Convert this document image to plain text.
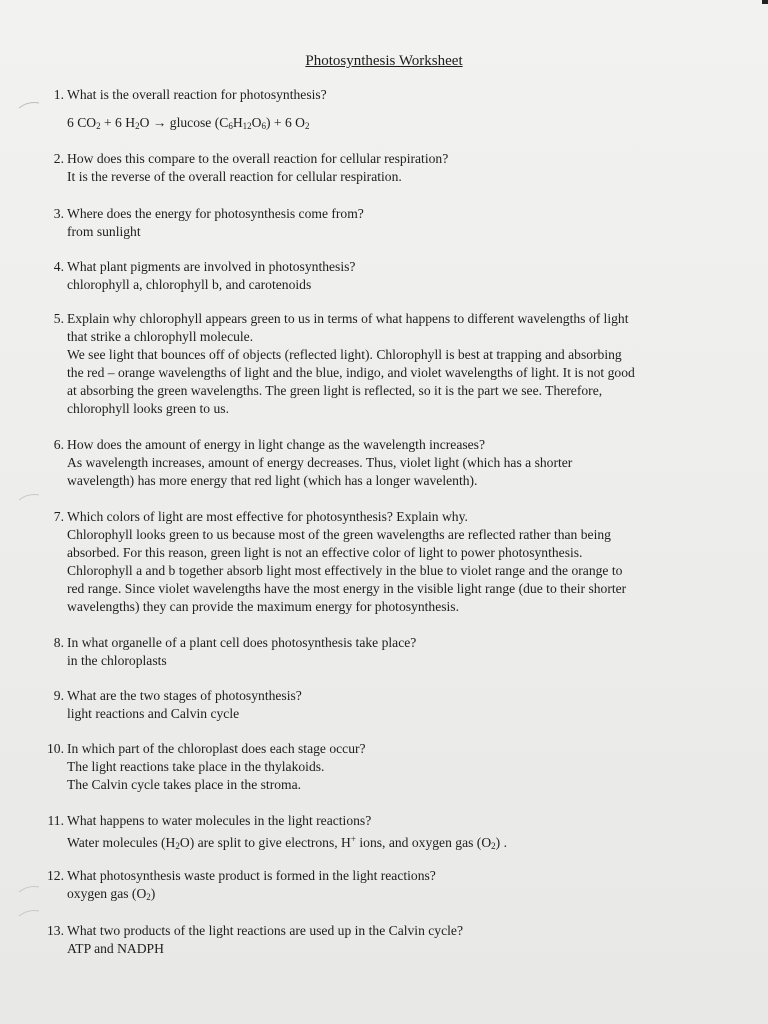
Photosynthesis Worksheet
1. What is the overall reaction for photosynthesis?
6 $CO_2 + 6$ $H_2O \to glucose$ $(C_6H_{12}O_6) + 6$ $O_2$
2. How does this compare to the overall reaction for cellular respiration?
It is the reverse of the overall reaction for cellular respiration.
3. Where does the energy for photosynthesis come from?
from sunlight
4. What plant pigments are involved in photosynthesis?
chlorophyll a, chlorophyll b, and carotenoids
5. Explain why chlorophyll appears green to us in terms of what happens to different wavelengths of light
that strike a chlorophyll molecule.
We see light that bounces off of objects (reflected light). Chlorophyll is best at trapping and absorbing
the red – orange wavelengths of light and the blue, indigo, and violet wavelengths of light. It is not good
at absorbing the green wavelengths. The green light is reflected, so it is the part we see. Therefore,
chlorophyll looks green to us.
6. How does the amount of energy in light change as the wavelength increases?
As wavelength increases, amount of energy decreases. Thus, violet light (which has a shorter
wavelength) has more energy that red light (which has a longer wavelenth).
7. Which colors of light are most effective for photosynthesis? Explain why.
Chlorophyll looks green to us because most of the green wavelengths are reflected rather than being
absorbed. For this reason, green light is not an effective color of light to power photosynthesis.
Chlorophyll a and b together absorb light most effectively in the blue to violet range and the orange to
red range. Since violet wavelengths have the most energy in the visible light range (due to their shorter
wavelengths) they can provide the maximum energy for photosynthesis.
8. In what organelle of a plant cell does photosynthesis take place?
in the chloroplasts
9. What are the two stages of photosynthesis?
light reactions and Calvin cycle
10. In which part of the chloroplast does each stage occur?
The light reactions take place in the thylakoids.
The Calvin cycle takes place in the stroma.
11. What happens to water molecules in the light reactions?
Water molecules $(H_2O)$ are split to give electrons, H+ ions, and oxygen gas $(O_2)$ .
12. What photosynthesis waste product is formed in the light reactions?
oxygen gas $(O_2)$
13. What two products of the light reactions are used up in the Calvin cycle?
ATP and NADPH
